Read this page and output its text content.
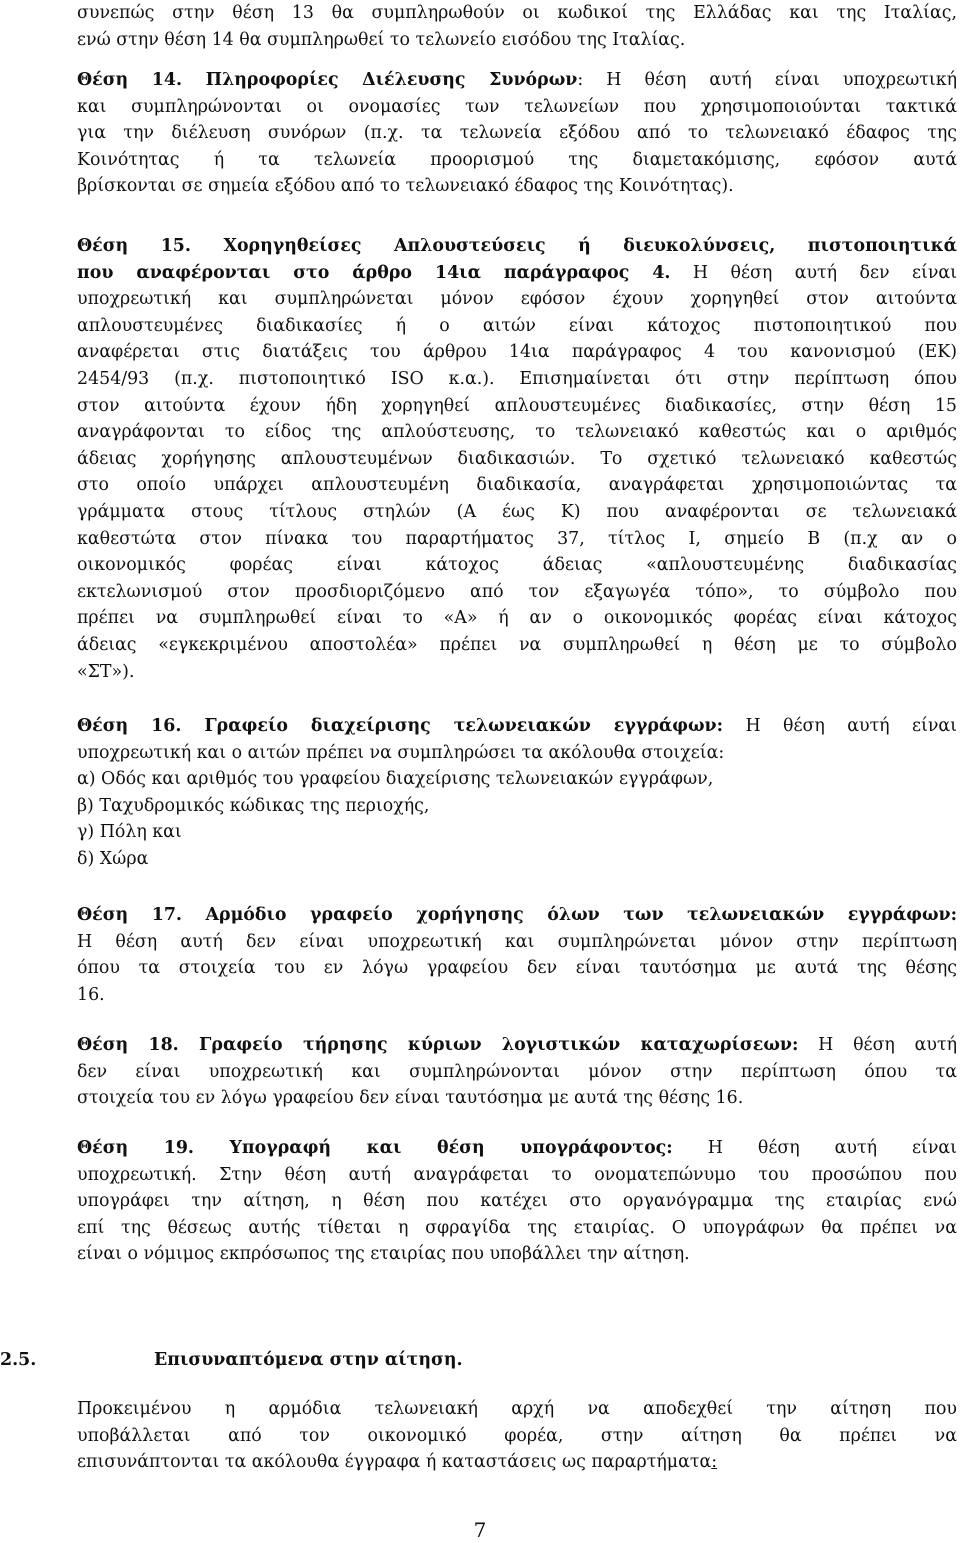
συνεπώς στην θέση 13 θα συμπληρωθούν οι κωδικοί της Ελλάδας και της Ιταλίας,
ενώ στην θέση 14 θα συμπληρωθεί το τελωνείο εισόδου της Ιταλίας.
Θέση 14. Πληροφορίες Διέλευσης Συνόρων: Η θέση αυτή είναι υποχρεωτική
και συμπληρώνονται οι ονομασίες των τελωνείων που χρησιμοποιούνται τακτικά
για την διέλευση συνόρων (π.χ. τα τελωνεία εξόδου από το τελωνειακό έδαφος της
Κοινότητας ή τα τελωνεία προορισμού της διαμετακόμισης, εφόσον αυτά
βρίσκονται σε σημεία εξόδου από το τελωνειακό έδαφος της Κοινότητας).
Θέση 15. Χορηγηθείσες Απλουστεύσεις ή διευκολύνσεις, πιστοποιητικά
που αναφέρονται στο άρθρο 14ια παράγραφος 4. Η θέση αυτή δεν είναι
υποχρεωτική και συμπληρώνεται μόνον εφόσον έχουν χορηγηθεί στον αιτούντα
απλουστευμένες διαδικασίες ή ο αιτών είναι κάτοχος πιστοποιητικού που
αναφέρεται στις διατάξεις του άρθρου 14ια παράγραφος 4 του κανονισμού (ΕΚ)
2454/93 (π.χ. πιστοποιητικό ISO κ.α.). Επισημαίνεται ότι στην περίπτωση όπου
στον αιτούντα έχουν ήδη χορηγηθεί απλουστευμένες διαδικασίες, στην θέση 15
αναγράφονται το είδος της απλούστευσης, το τελωνειακό καθεστώς και ο αριθμός
άδειας χορήγησης απλουστευμένων διαδικασιών. Το σχετικό τελωνειακό καθεστώς
στο οποίο υπάρχει απλουστευμένη διαδικασία, αναγράφεται χρησιμοποιώντας τα
γράμματα στους τίτλους στηλών (Α έως Κ) που αναφέρονται σε τελωνειακά
καθεστώτα στον πίνακα του παραρτήματος 37, τίτλος Ι, σημείο Β (π.χ αν ο
οικονομικός φορέας είναι κάτοχος άδειας «απλουστευμένης διαδικασίας
εκτελωνισμού στον προσδιοριζόμενο από τον εξαγωγέα τόπο», το σύμβολο που
πρέπει να συμπληρωθεί είναι το «Α» ή αν ο οικονομικός φορέας είναι κάτοχος
άδειας «εγκεκριμένου αποστολέα» πρέπει να συμπληρωθεί η θέση με το σύμβολο
«ΣΤ»).
Θέση 16. Γραφείο διαχείρισης τελωνειακών εγγράφων: Η θέση αυτή είναι
υποχρεωτική και ο αιτών πρέπει να συμπληρώσει τα ακόλουθα στοιχεία:
α) Οδός και αριθμός του γραφείου διαχείρισης τελωνειακών εγγράφων,
β) Ταχυδρομικός κώδικας της περιοχής,
γ) Πόλη και
δ) Χώρα
Θέση 17. Αρμόδιο γραφείο χορήγησης όλων των τελωνειακών εγγράφων:
Η θέση αυτή δεν είναι υποχρεωτική και συμπληρώνεται μόνον στην περίπτωση
όπου τα στοιχεία του εν λόγω γραφείου δεν είναι ταυτόσημα με αυτά της θέσης
16.
Θέση 18. Γραφείο τήρησης κύριων λογιστικών καταχωρίσεων: Η θέση αυτή
δεν είναι υποχρεωτική και συμπληρώνονται μόνον στην περίπτωση όπου τα
στοιχεία του εν λόγω γραφείου δεν είναι ταυτόσημα με αυτά της θέσης 16.
Θέση 19. Υπογραφή και θέση υπογράφοντος: Η θέση αυτή είναι
υποχρεωτική. Στην θέση αυτή αναγράφεται το ονοματεπώνυμο του προσώπου που
υπογράφει την αίτηση, η θέση που κατέχει στο οργανόγραμμα της εταιρίας ενώ
επί της θέσεως αυτής τίθεται η σφραγίδα της εταιρίας. Ο υπογράφων θα πρέπει να
είναι ο νόμιμος εκπρόσωπος της εταιρίας που υποβάλλει την αίτηση.
2.5.	Επισυναπτόμενα στην αίτηση.
Προκειμένου η αρμόδια τελωνειακή αρχή να αποδεχθεί την αίτηση που
υποβάλλεται από τον οικονομικό φορέα, στην αίτηση θα πρέπει να
επισυνάπτονται τα ακόλουθα έγγραφα ή καταστάσεις ως παραρτήματα:
7
